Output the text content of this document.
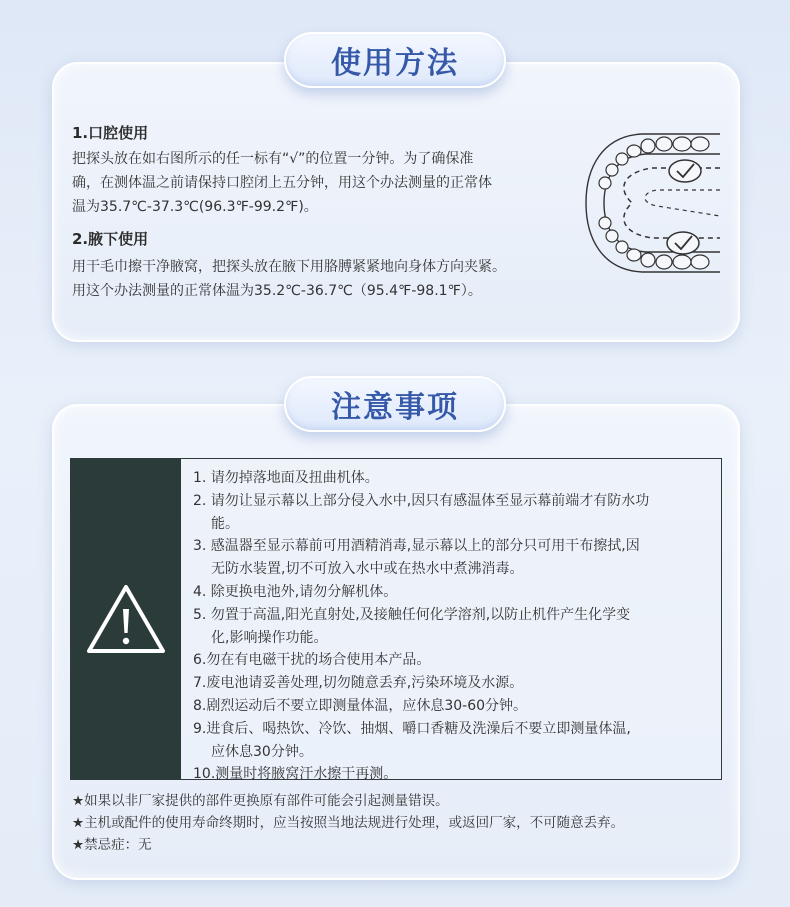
使用方法
1.口腔使用
把探头放在如右图所示的任一标有“√”的位置一分钟。为了确保准
确，在测体温之前请保持口腔闭上五分钟，用这个办法测量的正常体
温为35.7℃-37.3℃(96.3℉-99.2℉)。
2.腋下使用
用干毛巾擦干净腋窝，把探头放在腋下用胳膊紧紧地向身体方向夹紧。
用这个办法测量的正常体温为35.2℃-36.7℃（95.4℉-98.1℉）。
注意事项
1. 请勿掉落地面及扭曲机体。
2. 请勿让显示幕以上部分侵入水中,因只有感温体至显示幕前端才有防水功
能。
3. 感温器至显示幕前可用酒精消毒,显示幕以上的部分只可用干布擦拭,因
无防水装置,切不可放入水中或在热水中煮沸消毒。
4. 除更换电池外,请勿分解机体。
5. 勿置于高温,阳光直射处,及接触任何化学溶剂,以防止机件产生化学变
化,影响操作功能。
6.勿在有电磁干扰的场合使用本产品。
7.废电池请妥善处理,切勿随意丢弃,污染环境及水源。
8.剧烈运动后不要立即测量体温，应休息30-60分钟。
9.进食后、喝热饮、冷饮、抽烟、嚼口香糖及洗澡后不要立即测量体温,
应休息30分钟。
10.测量时将腋窝汗水擦干再测。
★如果以非厂家提供的部件更换原有部件可能会引起测量错误。
★主机或配件的使用寿命终期时，应当按照当地法规进行处理，或返回厂家，不可随意丢弃。
★禁忌症：无
